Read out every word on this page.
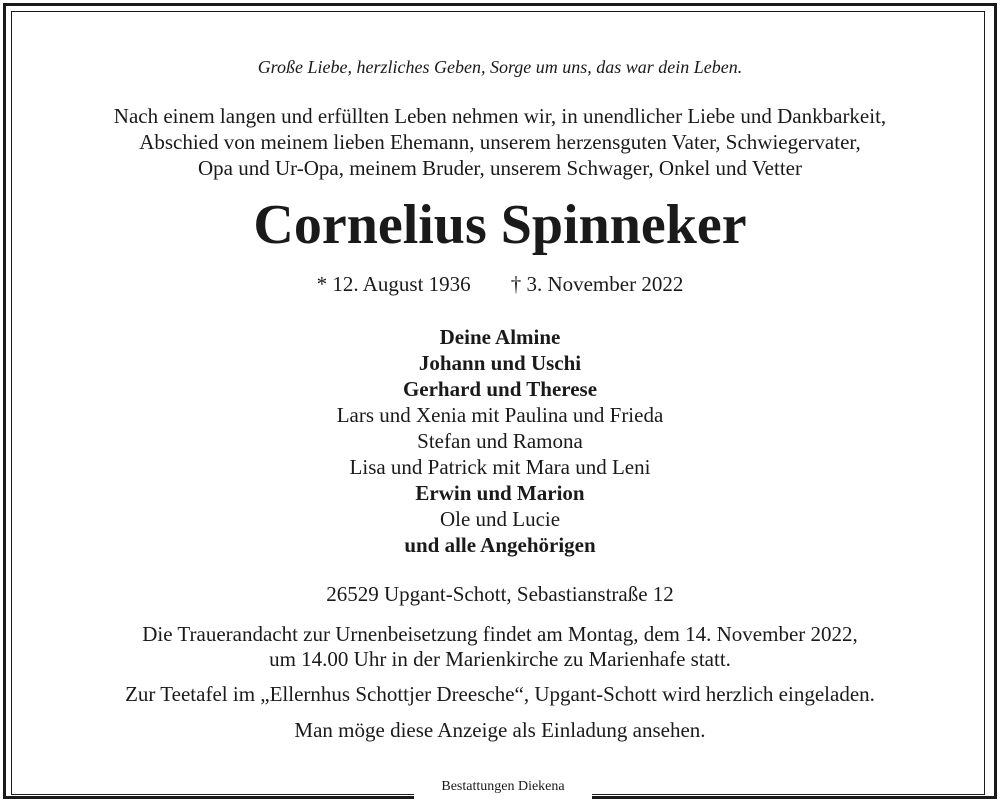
Große Liebe, herzliches Geben, Sorge um uns, das war dein Leben.
Nach einem langen und erfüllten Leben nehmen wir, in unendlicher Liebe und Dankbarkeit,
Abschied von meinem lieben Ehemann, unserem herzensguten Vater, Schwiegervater,
Opa und Ur-Opa, meinem Bruder, unserem Schwager, Onkel und Vetter
Cornelius Spinneker
* 12. August 1936 † 3. November 2022
Deine Almine
Johann und Uschi
Gerhard und Therese
Lars und Xenia mit Paulina und Frieda
Stefan und Ramona
Lisa und Patrick mit Mara und Leni
Erwin und Marion
Ole und Lucie
und alle Angehörigen
26529 Upgant-Schott, Sebastianstraße 12
Die Trauerandacht zur Urnenbeisetzung findet am Montag, dem 14. November 2022,
um 14.00 Uhr in der Marienkirche zu Marienhafe statt.
Zur Teetafel im „Ellernhus Schottjer Dreesche“, Upgant-Schott wird herzlich eingeladen.
Man möge diese Anzeige als Einladung ansehen.
Bestattungen Diekena
